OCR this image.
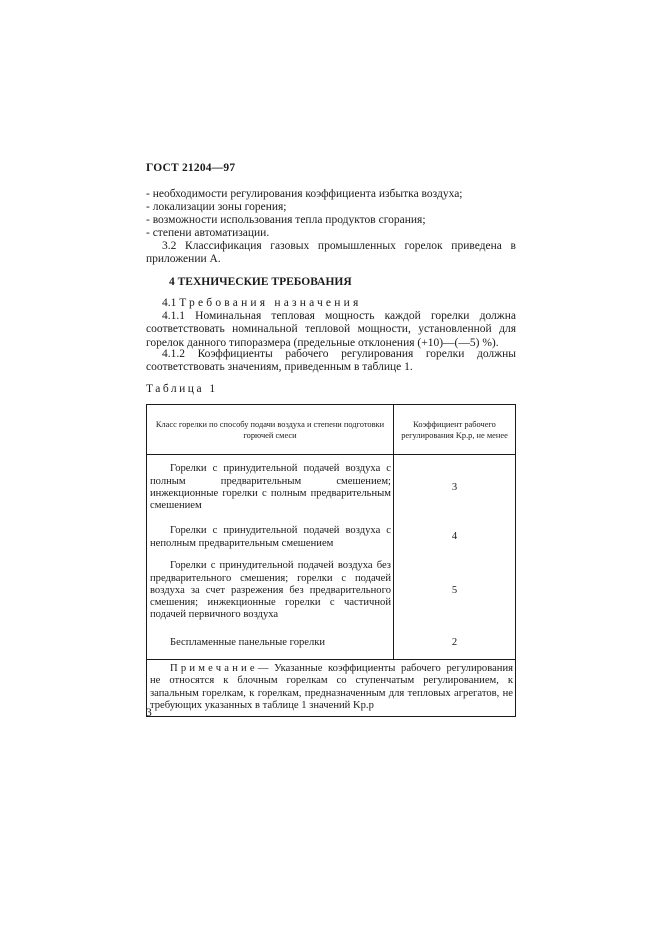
ГОСТ 21204—97

- необходимости регулирования коэффициента избытка воздуха;

- локализации зоны горения;

- возможности использования тепла продуктов сгорания;

- степени автоматизации.

3.2 Классификация газовых промышленных горелок приведена в приложении А.

4 ТЕХНИЧЕСКИЕ ТРЕБОВАНИЯ

4.1 Требования назначения

4.1.1 Номинальная тепловая мощность каждой горелки должна соответствовать номинальной тепловой мощности, установленной для горелок данного типоразмера (предельные отклонения (+10)—(—5) %).

4.1.2 Коэффициенты рабочего регулирования горелки должны соответствовать значениям, приведенным в таблице 1.

Таблица 1
Класс горелки по способу подачи воздуха и степени подготовки горючей смеси	Коэффициент рабочего регулирования Kр.р, не менее

Горелки с принудительной подачей воздуха с полным предварительным смешением; инжекционные горелки с полным предварительным смешением	3

Горелки с принудительной подачей воздуха с неполным предварительным смешением	4

Горелки с принудительной подачей воздуха без предварительного смешения; горелки с подачей воздуха за счет разрежения без предварительного смешения; инжекционные горелки с частичной подачей первичного воздуха	5

Беспламенные панельные горелки	2
Примечание— Указанные коэффициенты рабочего регулирования не относятся к блочным горелкам со ступенчатым регулированием, к запальным горелкам, к горелкам, предназначенным для тепловых агрегатов, не требующих указанных в таблице 1 значений Kр.р	
3
